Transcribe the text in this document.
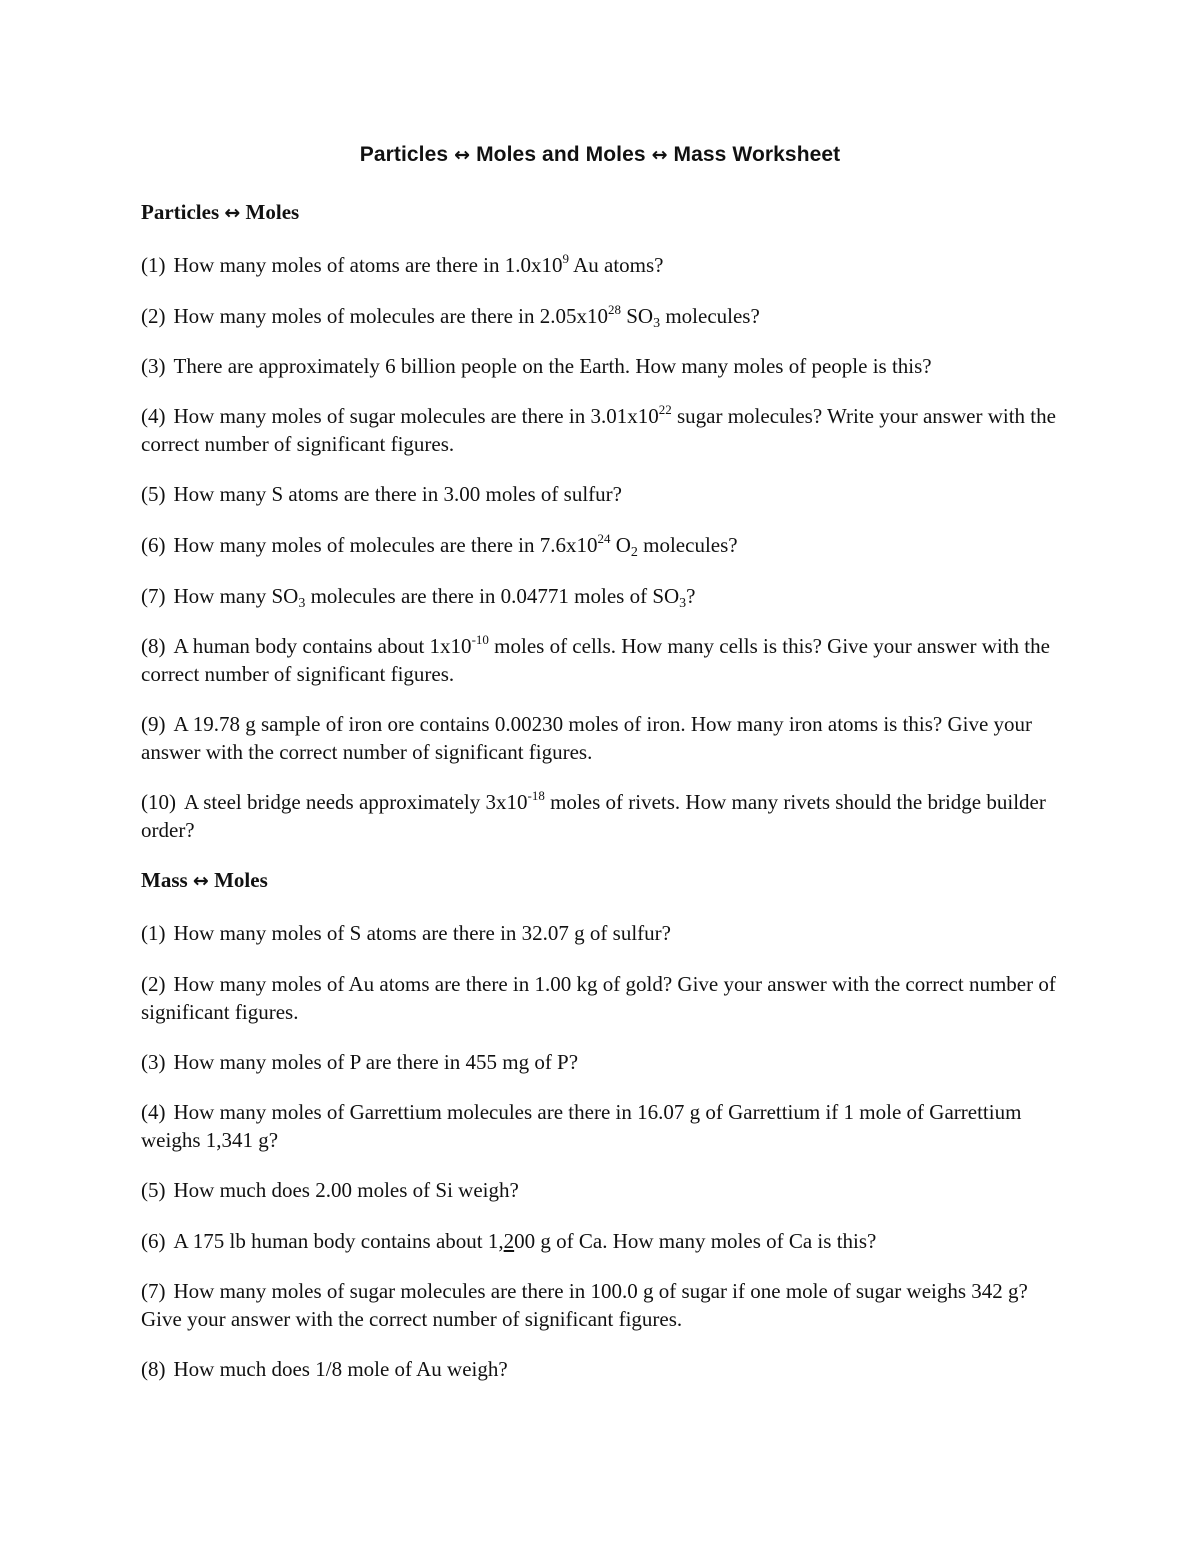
Particles ↔ Moles and Moles ↔ Mass Worksheet
Particles ↔ Moles
(1) How many moles of atoms are there in $1.0x10^9$ Au atoms?
(2) How many moles of molecules are there in $2.05x10^{28}$ $SO_3$ molecules?
(3) There are approximately 6 billion people on the Earth. How many moles of people is this?
(4) How many moles of sugar molecules are there in $3.01x10^{22}$ sugar molecules? Write your answer with the correct number of significant figures.
(5) How many S atoms are there in 3.00 moles of sulfur?
(6) How many moles of molecules are there in $7.6x10^{24}$ $O_2$ molecules?
(7) How many $SO_3$ molecules are there in 0.04771 moles of $SO_3$?
(8) A human body contains about $1x10^{-10}$ moles of cells. How many cells is this? Give your answer with the correct number of significant figures.
(9) A 19.78 g sample of iron ore contains 0.00230 moles of iron. How many iron atoms is this? Give your answer with the correct number of significant figures.
(10) A steel bridge needs approximately $3x10^{-18}$ moles of rivets. How many rivets should the bridge builder order?
Mass ↔ Moles
(1) How many moles of S atoms are there in 32.07 g of sulfur?
(2) How many moles of Au atoms are there in 1.00 kg of gold? Give your answer with the correct number of significant figures.
(3) How many moles of P are there in 455 mg of P?
(4) How many moles of Garrettium molecules are there in 16.07 g of Garrettium if 1 mole of Garrettium weighs 1,341 g?
(5) How much does 2.00 moles of Si weigh?
(6) A 175 lb human body contains about 1,200 g of Ca. How many moles of Ca is this?
(7) How many moles of sugar molecules are there in 100.0 g of sugar if one mole of sugar weighs 342 g? Give your answer with the correct number of significant figures.
(8) How much does 1/8 mole of Au weigh?
